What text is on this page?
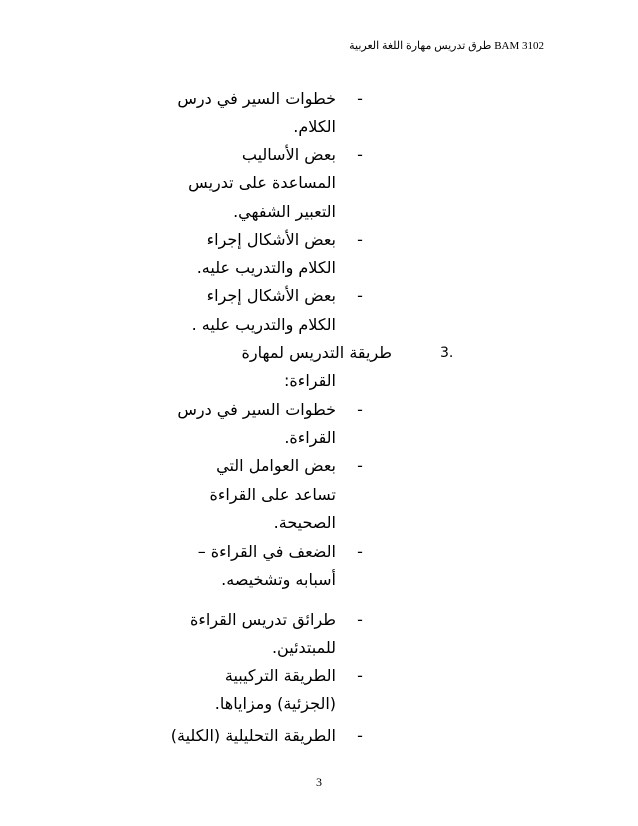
BAM 3102 طرق تدريس مهارة اللغة العربية
-
-
-
-
-
-
-
-
-
-
.3
خطوات السير في درس
الكلام.
بعض الأساليب
المساعدة على تدريس
التعبير الشفهي.
بعض الأشكال إجراء
الكلام والتدريب عليه.
بعض الأشكال إجراء
الكلام والتدريب عليه .
طريقة التدريس لمهارة
القراءة:
خطوات السير في درس
القراءة.
بعض العوامل التي
تساعد على القراءة
الصحيحة.
الضعف في القراءة –
أسبابه وتشخيصه.
طرائق تدريس القراءة
للمبتدئين.
الطريقة التركيبية
(الجزئية) ومزاياها.
الطريقة التحليلية (الكلية)
3
